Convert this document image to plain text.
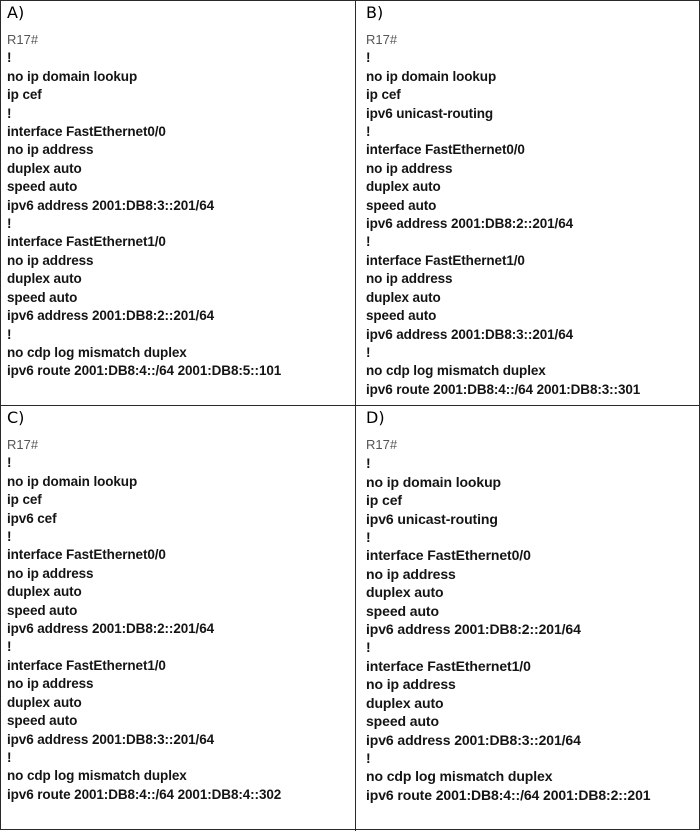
A)
R17#
!
no ip domain lookup
ip cef
!
interface FastEthernet0/0
no ip address
duplex auto
speed auto
ipv6 address 2001:DB8:3::201/64
!
interface FastEthernet1/0
no ip address
duplex auto
speed auto
ipv6 address 2001:DB8:2::201/64
!
no cdp log mismatch duplex
ipv6 route 2001:DB8:4::/64 2001:DB8:5::101
B)
R17#
!
no ip domain lookup
ip cef
ipv6 unicast-routing
!
interface FastEthernet0/0
no ip address
duplex auto
speed auto
ipv6 address 2001:DB8:2::201/64
!
interface FastEthernet1/0
no ip address
duplex auto
speed auto
ipv6 address 2001:DB8:3::201/64
!
no cdp log mismatch duplex
ipv6 route 2001:DB8:4::/64 2001:DB8:3::301
C)
R17#
!
no ip domain lookup
ip cef
ipv6 cef
!
interface FastEthernet0/0
no ip address
duplex auto
speed auto
ipv6 address 2001:DB8:2::201/64
!
interface FastEthernet1/0
no ip address
duplex auto
speed auto
ipv6 address 2001:DB8:3::201/64
!
no cdp log mismatch duplex
ipv6 route 2001:DB8:4::/64 2001:DB8:4::302
D)
R17#
!
no ip domain lookup
ip cef
ipv6 unicast-routing
!
interface FastEthernet0/0
no ip address
duplex auto
speed auto
ipv6 address 2001:DB8:2::201/64
!
interface FastEthernet1/0
no ip address
duplex auto
speed auto
ipv6 address 2001:DB8:3::201/64
!
no cdp log mismatch duplex
ipv6 route 2001:DB8:4::/64 2001:DB8:2::201
